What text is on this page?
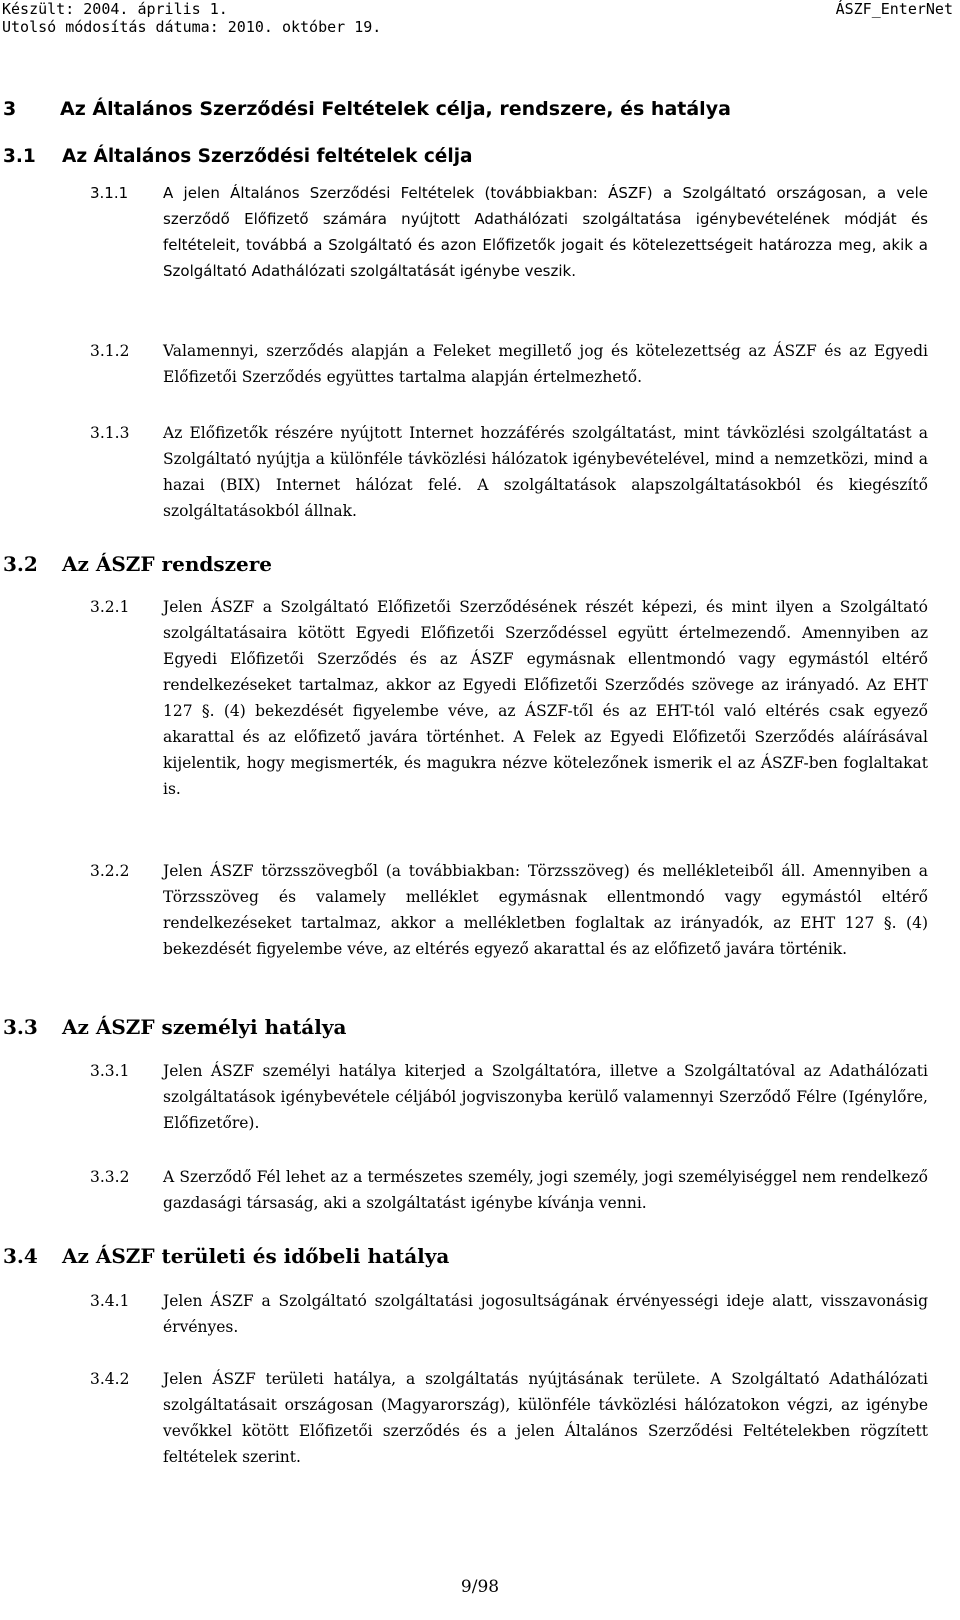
Készült: 2004. április 1.
Utolsó módosítás dátuma: 2010. október 19.
ÁSZF_EnterNet
3 Az Általános Szerződési Feltételek célja, rendszere, és hatálya
3.1 Az Általános Szerződési feltételek célja
3.1.1	A jelen Általános Szerződési Feltételek (továbbiakban: ÁSZF) a Szolgáltató országosan, a vele szerződő Előfizető számára nyújtott Adathálózati szolgáltatása igénybevételének módját és feltételeit, továbbá a Szolgáltató és azon Előfizetők jogait és kötelezettségeit határozza meg, akik a Szolgáltató Adathálózati szolgáltatását igénybe veszik.
3.1.2	Valamennyi, szerződés alapján a Feleket megillető jog és kötelezettség az ÁSZF és az Egyedi Előfizetői Szerződés együttes tartalma alapján értelmezhető.
3.1.3	Az Előfizetők részére nyújtott Internet hozzáférés szolgáltatást, mint távközlési szolgáltatást a Szolgáltató nyújtja a különféle távközlési hálózatok igénybevételével, mind a nemzetközi, mind a hazai (BIX) Internet hálózat felé. A szolgáltatások alapszolgáltatásokból és kiegészítő szolgáltatásokból állnak.
3.2 Az ÁSZF rendszere
3.2.1	Jelen ÁSZF a Szolgáltató Előfizetői Szerződésének részét képezi, és mint ilyen a Szolgáltató szolgáltatásaira kötött Egyedi Előfizetői Szerződéssel együtt értelmezendő. Amennyiben az Egyedi Előfizetői Szerződés és az ÁSZF egymásnak ellentmondó vagy egymástól eltérő rendelkezéseket tartalmaz, akkor az Egyedi Előfizetői Szerződés szövege az irányadó. Az EHT 127 §. (4) bekezdését figyelembe véve, az ÁSZF-től és az EHT-tól való eltérés csak egyező akarattal és az előfizető javára történhet. A Felek az Egyedi Előfizetői Szerződés aláírásával kijelentik, hogy megismerték, és magukra nézve kötelezőnek ismerik el az ÁSZF-ben foglaltakat is.
3.2.2	Jelen ÁSZF törzsszövegből (a továbbiakban: Törzsszöveg) és mellékleteiből áll. Amennyiben a Törzsszöveg és valamely melléklet egymásnak ellentmondó vagy egymástól eltérő rendelkezéseket tartalmaz, akkor a mellékletben foglaltak az irányadók, az EHT 127 §. (4) bekezdését figyelembe véve, az eltérés egyező akarattal és az előfizető javára történik.
3.3 Az ÁSZF személyi hatálya
3.3.1	Jelen ÁSZF személyi hatálya kiterjed a Szolgáltatóra, illetve a Szolgáltatóval az Adathálózati szolgáltatások igénybevétele céljából jogviszonyba kerülő valamennyi Szerződő Félre (Igénylőre, Előfizetőre).
3.3.2	A Szerződő Fél lehet az a természetes személy, jogi személy, jogi személyiséggel nem rendelkező gazdasági társaság, aki a szolgáltatást igénybe kívánja venni.
3.4 Az ÁSZF területi és időbeli hatálya
3.4.1	Jelen ÁSZF a Szolgáltató szolgáltatási jogosultságának érvényességi ideje alatt, visszavonásig érvényes.
3.4.2	Jelen ÁSZF területi hatálya, a szolgáltatás nyújtásának területe. A Szolgáltató Adathálózati szolgáltatásait országosan (Magyarország), különféle távközlési hálózatokon végzi, az igénybe vevőkkel kötött Előfizetői szerződés és a jelen Általános Szerződési Feltételekben rögzített feltételek szerint.
9/98
